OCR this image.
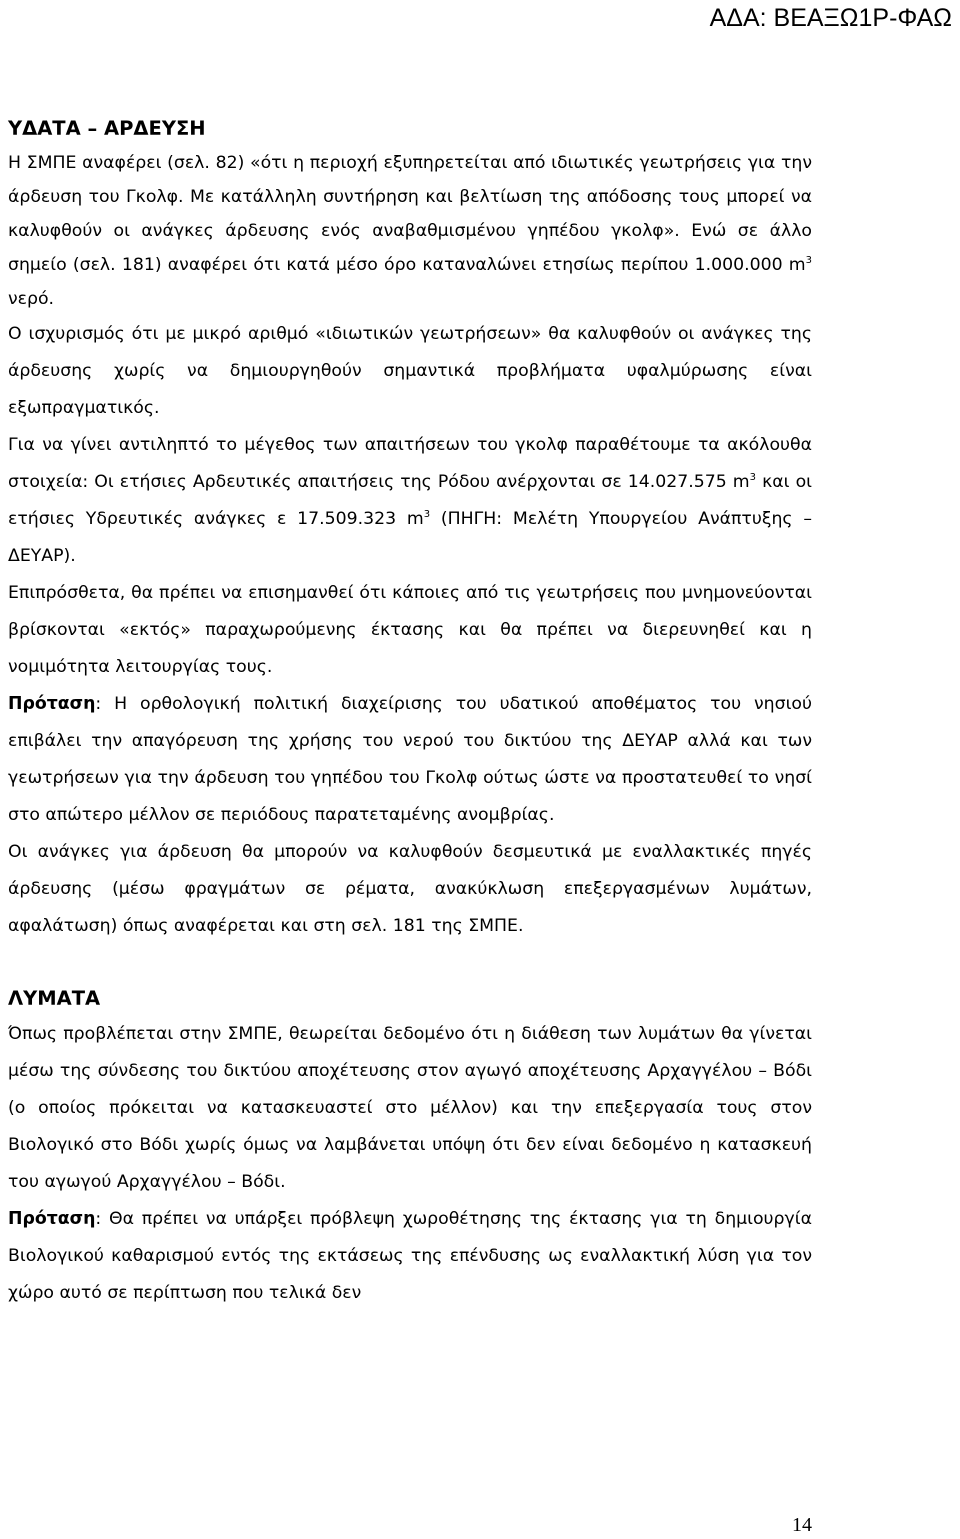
ΑΔΑ: ΒΕΑΞΩ1Ρ-ΦΑΩ

ΥΔΑΤΑ – ΑΡΔΕΥΣΗ

Η ΣΜΠΕ αναφέρει (σελ. 82) «ότι η περιοχή εξυπηρετείται από ιδιωτικές γεωτρήσεις για την άρδευση του Γκολφ. Με κατάλληλη συντήρηση και βελτίωση της απόδοσης τους μπορεί να καλυφθούν οι ανάγκες άρδευσης ενός αναβαθμισμένου γηπέδου γκολφ». Ενώ σε άλλο σημείο (σελ. 181) αναφέρει ότι κατά μέσο όρο καταναλώνει ετησίως περίπου 1.000.000 $m^3$ νερό.

Ο ισχυρισμός ότι με μικρό αριθμό «ιδιωτικών γεωτρήσεων» θα καλυφθούν οι ανάγκες της άρδευσης χωρίς να δημιουργηθούν σημαντικά προβλήματα υφαλμύρωσης είναι εξωπραγματικός.

Για να γίνει αντιληπτό το μέγεθος των απαιτήσεων του γκολφ παραθέτουμε τα ακόλουθα στοιχεία: Οι ετήσιες Αρδευτικές απαιτήσεις της Ρόδου ανέρχονται σε 14.027.575 $m^3$ και οι ετήσιες Υδρευτικές ανάγκες ε 17.509.323 $m^3$ (ΠΗΓΗ: Μελέτη Υπουργείου Ανάπτυξης – ΔΕΥΑΡ).

Επιπρόσθετα, θα πρέπει να επισημανθεί ότι κάποιες από τις γεωτρήσεις που μνημονεύονται βρίσκονται «εκτός» παραχωρούμενης έκτασης και θα πρέπει να διερευνηθεί και η νομιμότητα λειτουργίας τους.

Πρόταση: Η ορθολογική πολιτική διαχείρισης του υδατικού αποθέματος του νησιού επιβάλει την απαγόρευση της χρήσης του νερού του δικτύου της ΔΕΥΑΡ αλλά και των γεωτρήσεων για την άρδευση του γηπέδου του Γκολφ ούτως ώστε να προστατευθεί το νησί στο απώτερο μέλλον σε περιόδους παρατεταμένης ανομβρίας.

Οι ανάγκες για άρδευση θα μπορούν να καλυφθούν δεσμευτικά με εναλλακτικές πηγές άρδευσης (μέσω φραγμάτων σε ρέματα, ανακύκλωση επεξεργασμένων λυμάτων, αφαλάτωση) όπως αναφέρεται και στη σελ. 181 της ΣΜΠΕ.

ΛΥΜΑΤΑ

Όπως προβλέπεται στην ΣΜΠΕ, θεωρείται δεδομένο ότι η διάθεση των λυμάτων θα γίνεται μέσω της σύνδεσης του δικτύου αποχέτευσης στον αγωγό αποχέτευσης Αρχαγγέλου – Βόδι (ο οποίος πρόκειται να κατασκευαστεί στο μέλλον) και την επεξεργασία τους στον Βιολογικό στο Βόδι χωρίς όμως να λαμβάνεται υπόψη ότι δεν είναι δεδομένο η κατασκευή του αγωγού Αρχαγγέλου – Βόδι.

Πρόταση: Θα πρέπει να υπάρξει πρόβλεψη χωροθέτησης της έκτασης για τη δημιουργία Βιολογικού καθαρισμού εντός της εκτάσεως της επένδυσης ως εναλλακτική λύση για τον χώρο αυτό σε περίπτωση που τελικά δεν

14
